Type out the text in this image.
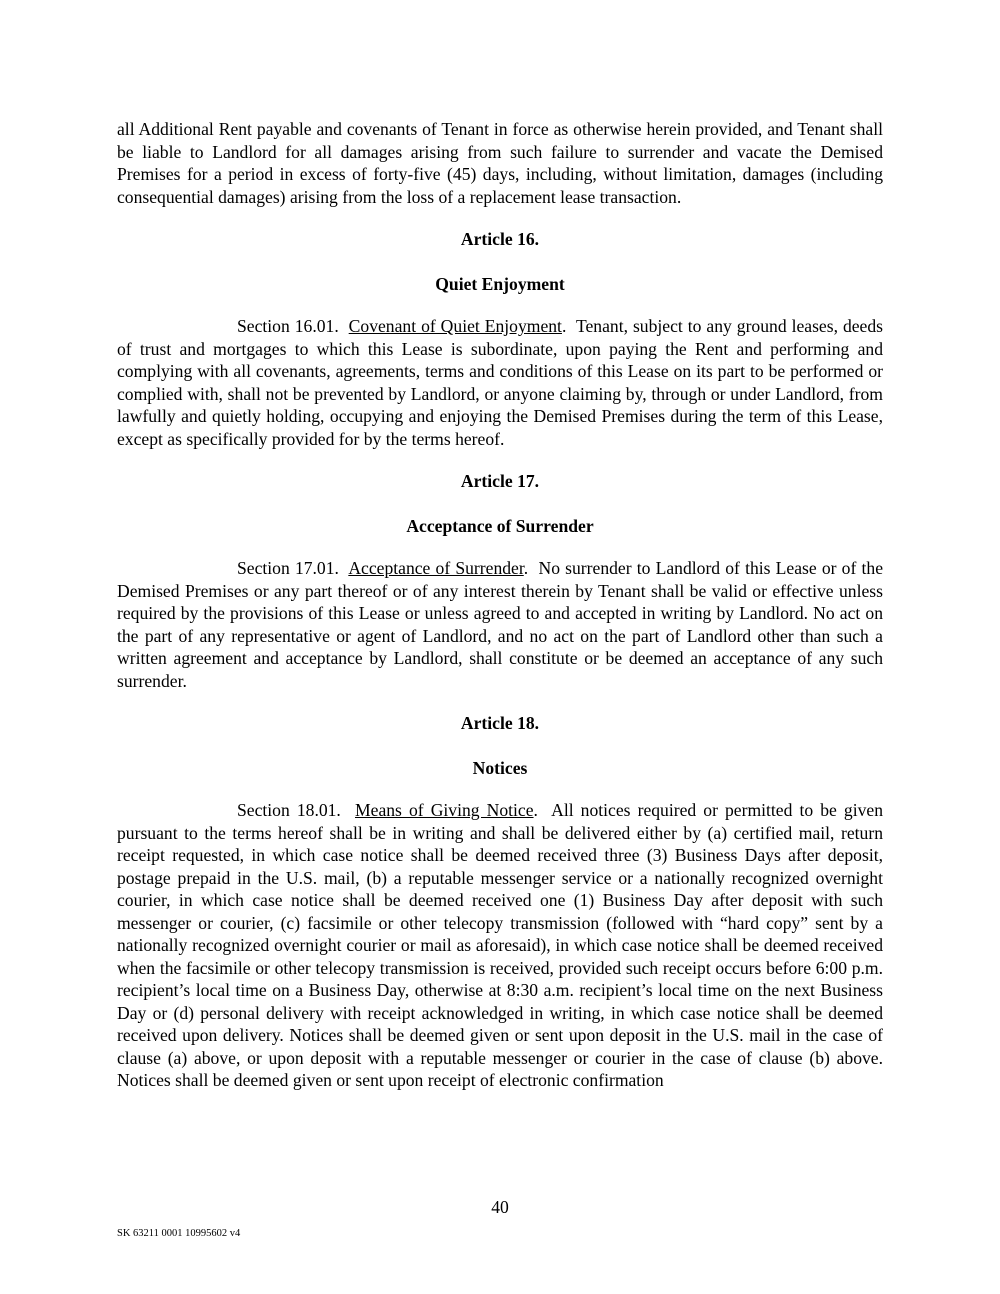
all Additional Rent payable and covenants of Tenant in force as otherwise herein provided, and Tenant shall be liable to Landlord for all damages arising from such failure to surrender and vacate the Demised Premises for a period in excess of forty-five (45) days, including, without limitation, damages (including consequential damages) arising from the loss of a replacement lease transaction.

Article 16.

Quiet Enjoyment

Section 16.01. Covenant of Quiet Enjoyment.  Tenant, subject to any ground leases, deeds of trust and mortgages to which this Lease is subordinate, upon paying the Rent and performing and complying with all covenants, agreements, terms and conditions of this Lease on its part to be performed or complied with, shall not be prevented by Landlord, or anyone claiming by, through or under Landlord, from lawfully and quietly holding, occupying and enjoying the Demised Premises during the term of this Lease, except as specifically provided for by the terms hereof.

Article 17.

Acceptance of Surrender

Section 17.01. Acceptance of Surrender.  No surrender to Landlord of this Lease or of the Demised Premises or any part thereof or of any interest therein by Tenant shall be valid or effective unless required by the provisions of this Lease or unless agreed to and accepted in writing by Landlord. No act on the part of any representative or agent of Landlord, and no act on the part of Landlord other than such a written agreement and acceptance by Landlord, shall constitute or be deemed an acceptance of any such surrender.

Article 18.

Notices

Section 18.01. Means of Giving Notice.  All notices required or permitted to be given pursuant to the terms hereof shall be in writing and shall be delivered either by (a) certified mail, return receipt requested, in which case notice shall be deemed received three (3) Business Days after deposit, postage prepaid in the U.S. mail, (b) a reputable messenger service or a nationally recognized overnight courier, in which case notice shall be deemed received one (1) Business Day after deposit with such messenger or courier, (c) facsimile or other telecopy transmission (followed with “hard copy” sent by a nationally recognized overnight courier or mail as aforesaid), in which case notice shall be deemed received when the facsimile or other telecopy transmission is received, provided such receipt occurs before 6:00 p.m. recipient’s local time on a Business Day, otherwise at 8:30 a.m. recipient’s local time on the next Business Day or (d) personal delivery with receipt acknowledged in writing, in which case notice shall be deemed received upon delivery. Notices shall be deemed given or sent upon deposit in the U.S. mail in the case of clause (a) above, or upon deposit with a reputable messenger or courier in the case of clause (b) above. Notices shall be deemed given or sent upon receipt of electronic confirmation

40
SK 63211 0001 10995602 v4
